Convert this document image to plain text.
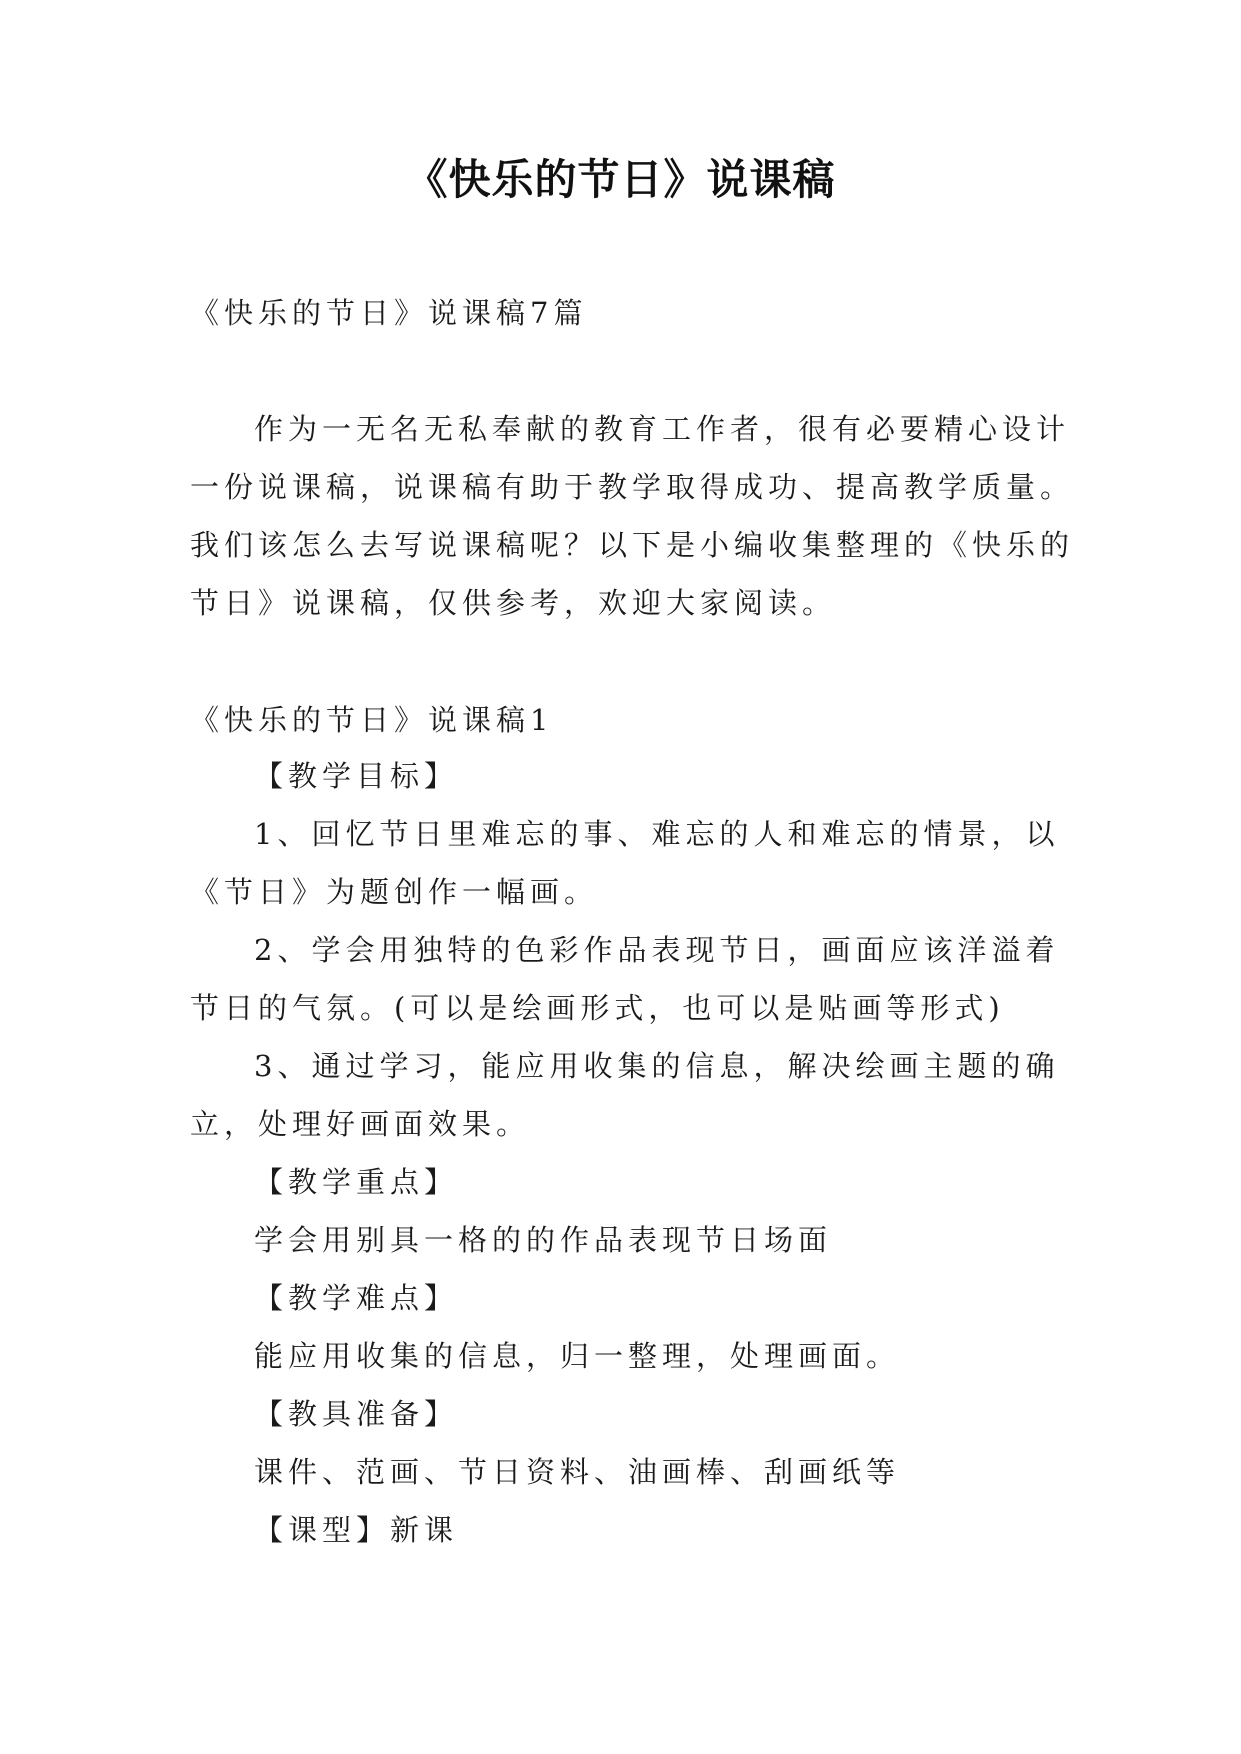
《快乐的节日》说课稿
《快乐的节日》说课稿7篇
作为一无名无私奉献的教育工作者，很有必要精心设计
一份说课稿，说课稿有助于教学取得成功、提高教学质量。
我们该怎么去写说课稿呢？以下是小编收集整理的《快乐的
节日》说课稿，仅供参考，欢迎大家阅读。
《快乐的节日》说课稿1
【教学目标】
1、回忆节日里难忘的事、难忘的人和难忘的情景，以
《节日》为题创作一幅画。
2、学会用独特的色彩作品表现节日，画面应该洋溢着
节日的气氛。(可以是绘画形式，也可以是贴画等形式)
3、通过学习，能应用收集的信息，解决绘画主题的确
立，处理好画面效果。
【教学重点】
学会用别具一格的的作品表现节日场面
【教学难点】
能应用收集的信息，归一整理，处理画面。
【教具准备】
课件、范画、节日资料、油画棒、刮画纸等
【课型】新课
